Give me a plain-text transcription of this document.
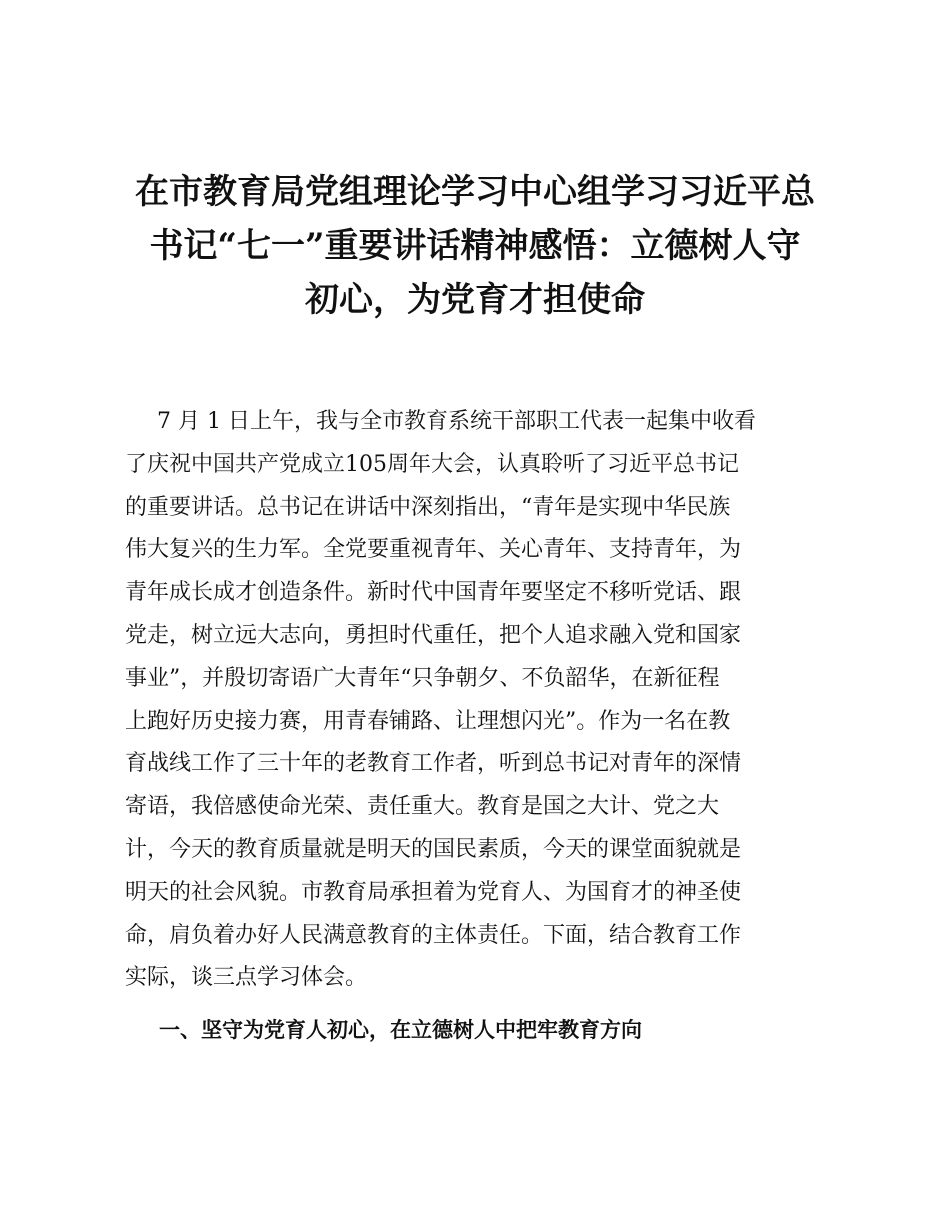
在市教育局党组理论学习中心组学习习近平总
书记“七一”重要讲话精神感悟：立德树人守
初心，为党育才担使命
7 月 1 日上午，我与全市教育系统干部职工代表一起集中收看
了庆祝中国共产党成立105周年大会，认真聆听了习近平总书记
的重要讲话。总书记在讲话中深刻指出，“青年是实现中华民族
伟大复兴的生力军。全党要重视青年、关心青年、支持青年，为
青年成长成才创造条件。新时代中国青年要坚定不移听党话、跟
党走，树立远大志向，勇担时代重任，把个人追求融入党和国家
事业”，并殷切寄语广大青年“只争朝夕、不负韶华，在新征程
上跑好历史接力赛，用青春铺路、让理想闪光”。作为一名在教
育战线工作了三十年的老教育工作者，听到总书记对青年的深情
寄语，我倍感使命光荣、责任重大。教育是国之大计、党之大
计，今天的教育质量就是明天的国民素质，今天的课堂面貌就是
明天的社会风貌。市教育局承担着为党育人、为国育才的神圣使
命，肩负着办好人民满意教育的主体责任。下面，结合教育工作
实际，谈三点学习体会。
一、坚守为党育人初心，在立德树人中把牢教育方向
